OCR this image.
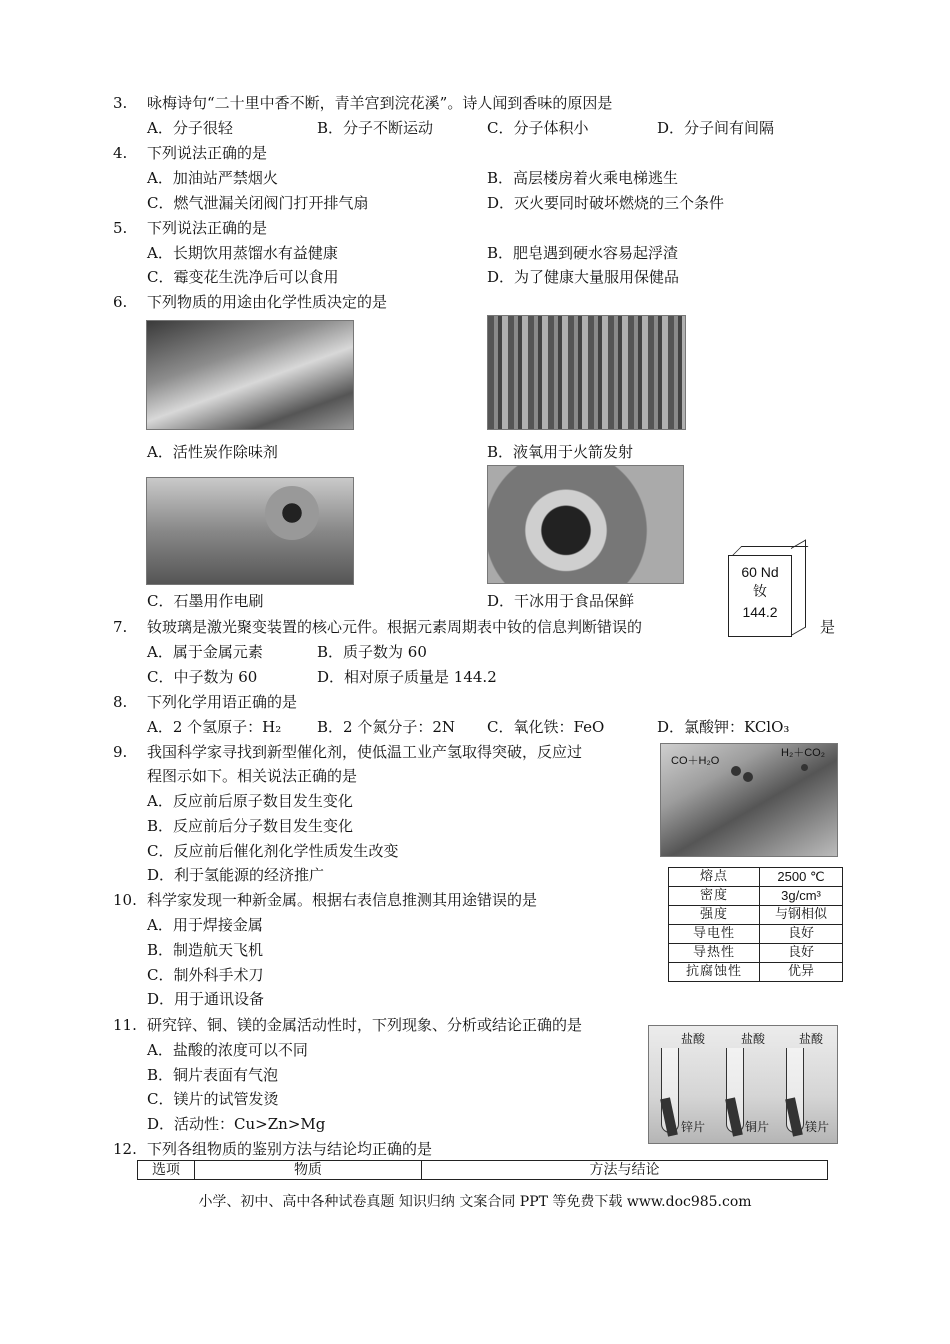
3. 咏梅诗句“二十里中香不断，青羊宫到浣花溪”。诗人闻到香味的原因是
A．分子很轻	B．分子不断运动	C．分子体积小	D．分子间有间隔
4. 下列说法正确的是
A．加油站严禁烟火	B．高层楼房着火乘电梯逃生
C．燃气泄漏关闭阀门打开排气扇	D．灭火要同时破坏燃烧的三个条件
5. 下列说法正确的是
A．长期饮用蒸馏水有益健康	B．肥皂遇到硬水容易起浮渣
C．霉变花生洗净后可以食用	D．为了健康大量服用保健品
6. 下列物质的用途由化学性质决定的是
A．活性炭作除味剂	B．液氧用于火箭发射
C．石墨用作电刷	D．干冰用于食品保鲜
60 Nd
钕
144.2
7. 钕玻璃是激光聚变装置的核心元件。根据元素周期表中钕的信息判断错误的	是
A．属于金属元素	B．质子数为 60
C．中子数为 60	D．相对原子质量是 144.2
8. 下列化学用语正确的是
A．2 个氢原子：H₂ B．2 个氮分子：2N C．氧化铁：FeO	D．氯酸钾：KClO₃
CO＋H₂O
H₂＋CO₂
9. 我国科学家寻找到新型催化剂，使低温工业产氢取得突破，反应过
程图示如下。相关说法正确的是
A．反应前后原子数目发生变化
B．反应前后分子数目发生变化
C．反应前后催化剂化学性质发生改变
D．利于氢能源的经济推广	熔点	2500 ℃
密度	3g/cm³
强度	与钢相似
导电性	良好
导热性	良好
抗腐蚀性	优异
10. 科学家发现一种新金属。根据右表信息推测其用途错误的是
A．用于焊接金属
B．制造航天飞机
C．制外科手术刀
D．用于通讯设备
盐酸	盐酸	盐酸
锌片	铜片	镁片
11. 研究锌、铜、镁的金属活动性时，下列现象、分析或结论正确的是
A．盐酸的浓度可以不同
B．铜片表面有气泡
C．镁片的试管发烫
D．活动性：Cu>Zn>Mg
12. 下列各组物质的鉴别方法与结论均正确的是
选项	物质	方法与结论
小学、初中、高中各种试卷真题 知识归纳 文案合同 PPT 等免费下载 www.doc985.com
